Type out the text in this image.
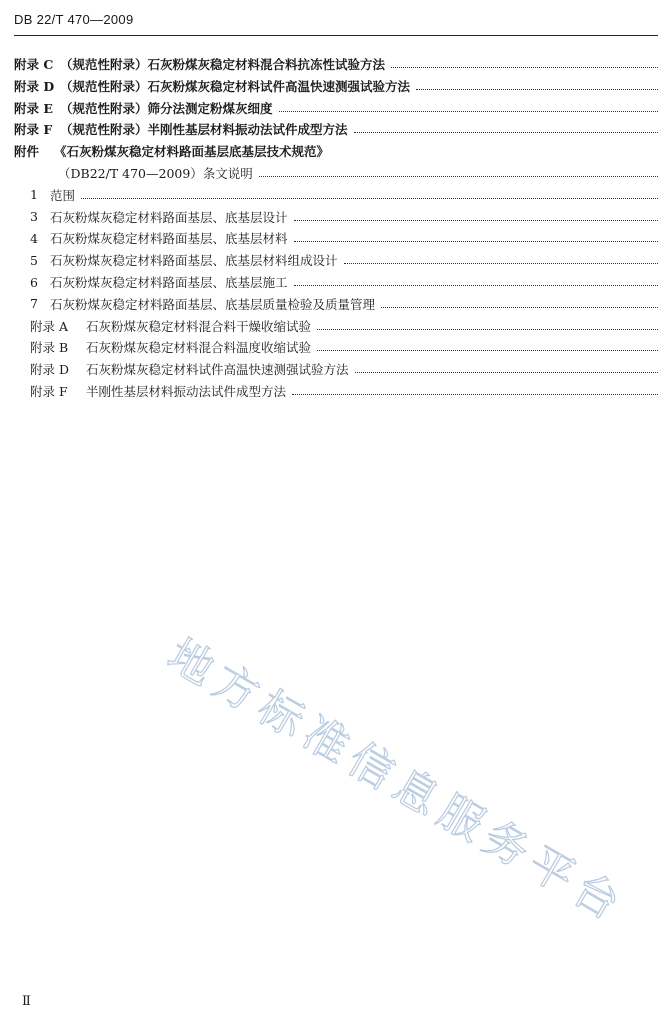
DB 22/T 470—2009
附录 C （规范性附录）石灰粉煤灰稳定材料混合料抗冻性试验方法
附录 D （规范性附录）石灰粉煤灰稳定材料试件高温快速测强试验方法
附录 E （规范性附录）筛分法测定粉煤灰细度
附录 F （规范性附录）半刚性基层材料振动法试件成型方法
附件	《石灰粉煤灰稳定材料路面基层底基层技术规范》
（DB22/T 470—2009）条文说明
1 范围
3 石灰粉煤灰稳定材料路面基层、底基层设计
4 石灰粉煤灰稳定材料路面基层、底基层材料
5 石灰粉煤灰稳定材料路面基层、底基层材料组成设计
6 石灰粉煤灰稳定材料路面基层、底基层施工
7 石灰粉煤灰稳定材料路面基层、底基层质量检验及质量管理
附录 A	石灰粉煤灰稳定材料混合料干燥收缩试验
附录 B	石灰粉煤灰稳定材料混合料温度收缩试验
附录 D	石灰粉煤灰稳定材料试件高温快速测强试验方法
附录 F	半刚性基层材料振动法试件成型方法
地方标准信息服务平台
Ⅱ
